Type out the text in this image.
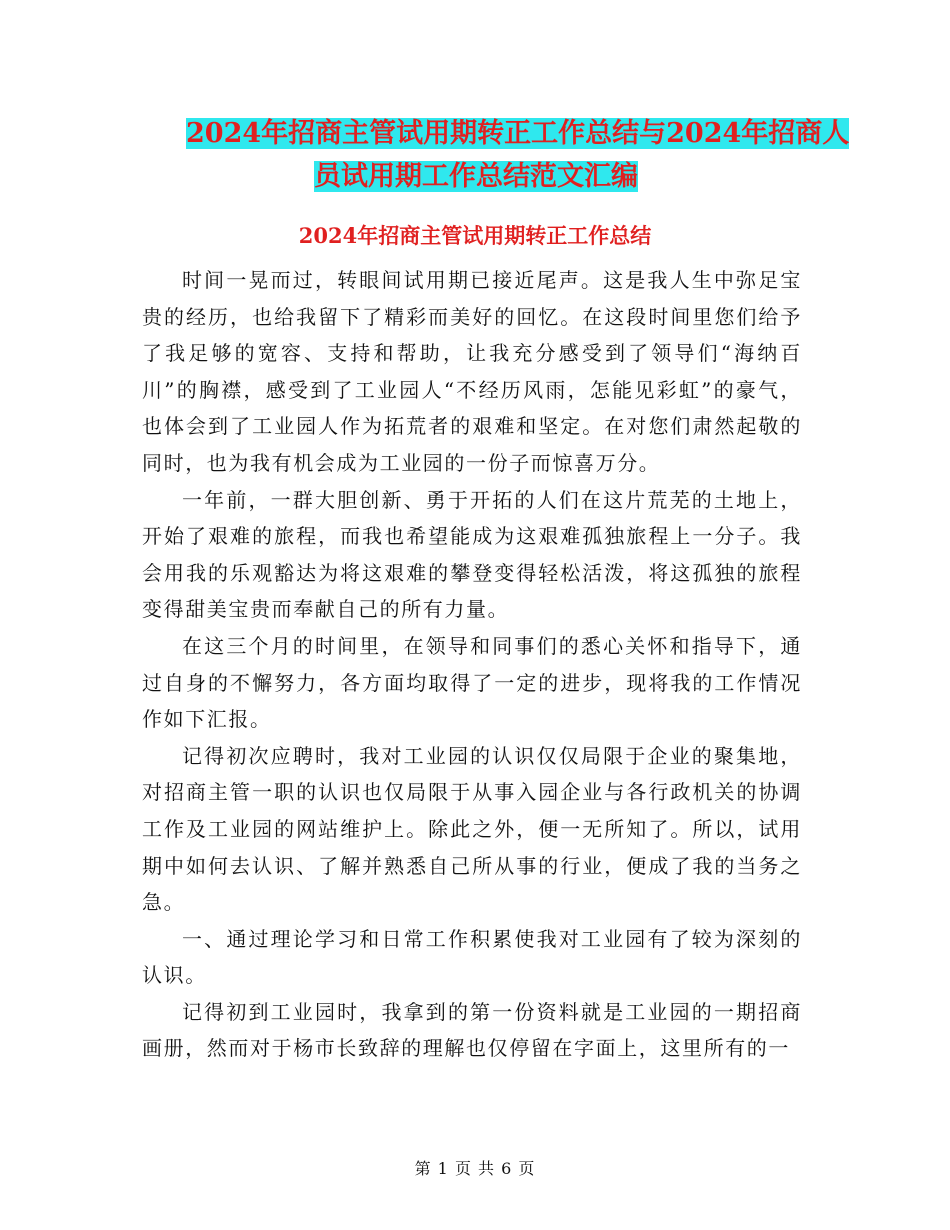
2024年招商主管试用期转正工作总结与2024年招商人
员试用期工作总结范文汇编
2024年招商主管试用期转正工作总结

时间一晃而过，转眼间试用期已接近尾声。这是我人生中弥足宝贵的经历，也给我留下了精彩而美好的回忆。在这段时间里您们给予了我足够的宽容、支持和帮助，让我充分感受到了领导们“海纳百川”的胸襟，感受到了工业园人“不经历风雨，怎能见彩虹”的豪气，也体会到了工业园人作为拓荒者的艰难和坚定。在对您们肃然起敬的同时，也为我有机会成为工业园的一份子而惊喜万分。

一年前，一群大胆创新、勇于开拓的人们在这片荒芜的土地上，开始了艰难的旅程，而我也希望能成为这艰难孤独旅程上一分子。我会用我的乐观豁达为将这艰难的攀登变得轻松活泼，将这孤独的旅程变得甜美宝贵而奉献自己的所有力量。

在这三个月的时间里，在领导和同事们的悉心关怀和指导下，通过自身的不懈努力，各方面均取得了一定的进步，现将我的工作情况作如下汇报。

记得初次应聘时，我对工业园的认识仅仅局限于企业的聚集地，对招商主管一职的认识也仅局限于从事入园企业与各行政机关的协调工作及工业园的网站维护上。除此之外，便一无所知了。所以，试用期中如何去认识、了解并熟悉自己所从事的行业，便成了我的当务之急。

一、通过理论学习和日常工作积累使我对工业园有了较为深刻的认识。

记得初到工业园时，我拿到的第一份资料就是工业园的一期招商画册，然而对于杨市长致辞的理解也仅停留在字面上，这里所有的一

第 1 页 共 6 页
